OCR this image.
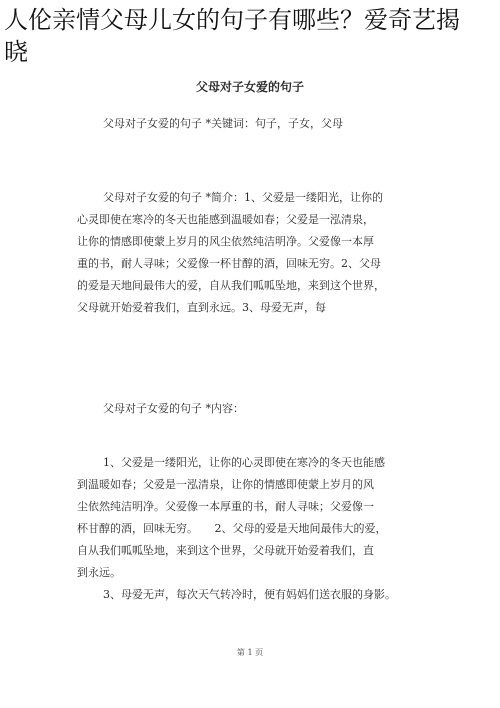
人伦亲情父母儿女的句子有哪些？爱奇艺揭
晓
父母对子女爱的句子
父母对子女爱的句子 *关键词：句子，子女，父母
父母对子女爱的句子 *简介：1、父爱是一缕阳光，让你的
心灵即使在寒冷的冬天也能感到温暖如春；父爱是一泓清泉，
让你的情感即使蒙上岁月的风尘依然纯洁明净。父爱像一本厚
重的书，耐人寻味；父爱像一杯甘醇的酒，回味无穷。2、父母
的爱是天地间最伟大的爱，自从我们呱呱坠地，来到这个世界，
父母就开始爱着我们，直到永远。3、母爱无声，每
父母对子女爱的句子 *内容：
1、父爱是一缕阳光，让你的心灵即使在寒冷的冬天也能感
到温暖如春；父爱是一泓清泉，让你的情感即使蒙上岁月的风
尘依然纯洁明净。父爱像一本厚重的书，耐人寻味；父爱像一
杯甘醇的酒，回味无穷。　　2、父母的爱是天地间最伟大的爱，
自从我们呱呱坠地，来到这个世界，父母就开始爱着我们，直
到永远。
3、母爱无声，每次天气转冷时，便有妈妈们送衣服的身影。
第 1 页
